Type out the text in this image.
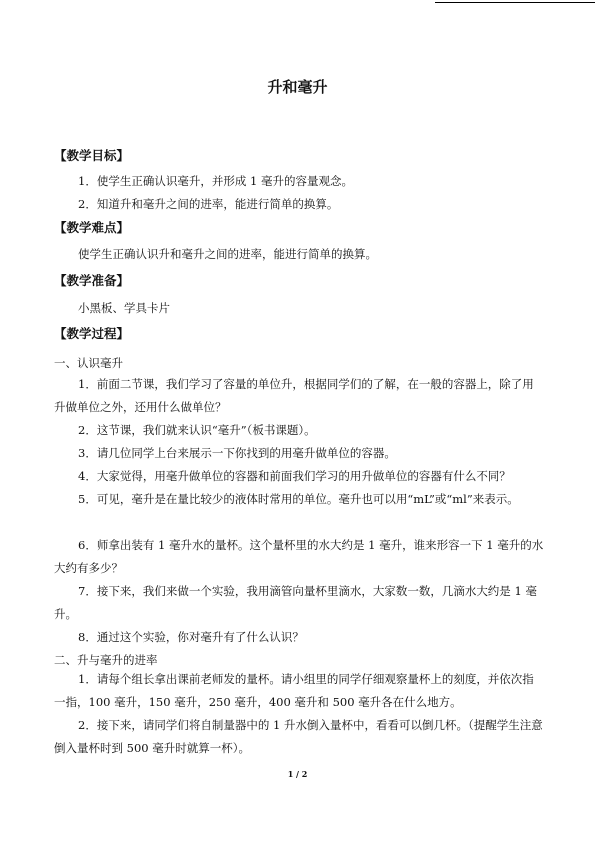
升和毫升
【教学目标】
1．使学生正确认识毫升，并形成 1 毫升的容量观念。
2．知道升和毫升之间的进率，能进行简单的换算。
【教学难点】
使学生正确认识升和毫升之间的进率，能进行简单的换算。
【教学准备】
小黑板、学具卡片
【教学过程】
一、认识毫升
1．前面二节课，我们学习了容量的单位升，根据同学们的了解，在一般的容器上，除了用升做单位之外，还用什么做单位？
2．这节课，我们就来认识“毫升”（板书课题）。
3．请几位同学上台来展示一下你找到的用毫升做单位的容器。
4．大家觉得，用毫升做单位的容器和前面我们学习的用升做单位的容器有什么不同？
5．可见，毫升是在量比较少的液体时常用的单位。毫升也可以用“mL”或“ml”来表示。
6．师拿出装有 1 毫升水的量杯。这个量杯里的水大约是 1 毫升，谁来形容一下 1 毫升的水大约有多少？
7．接下来，我们来做一个实验，我用滴管向量杯里滴水，大家数一数，几滴水大约是 1 毫升。
8．通过这个实验，你对毫升有了什么认识？
二、升与毫升的进率
1．请每个组长拿出课前老师发的量杯。请小组里的同学仔细观察量杯上的刻度，并依次指一指，100 毫升，150 毫升，250 毫升，400 毫升和 500 毫升各在什么地方。
2．接下来，请同学们将自制量器中的 1 升水倒入量杯中，看看可以倒几杯。（提醒学生注意倒入量杯时到 500 毫升时就算一杯）。
1 / 2
